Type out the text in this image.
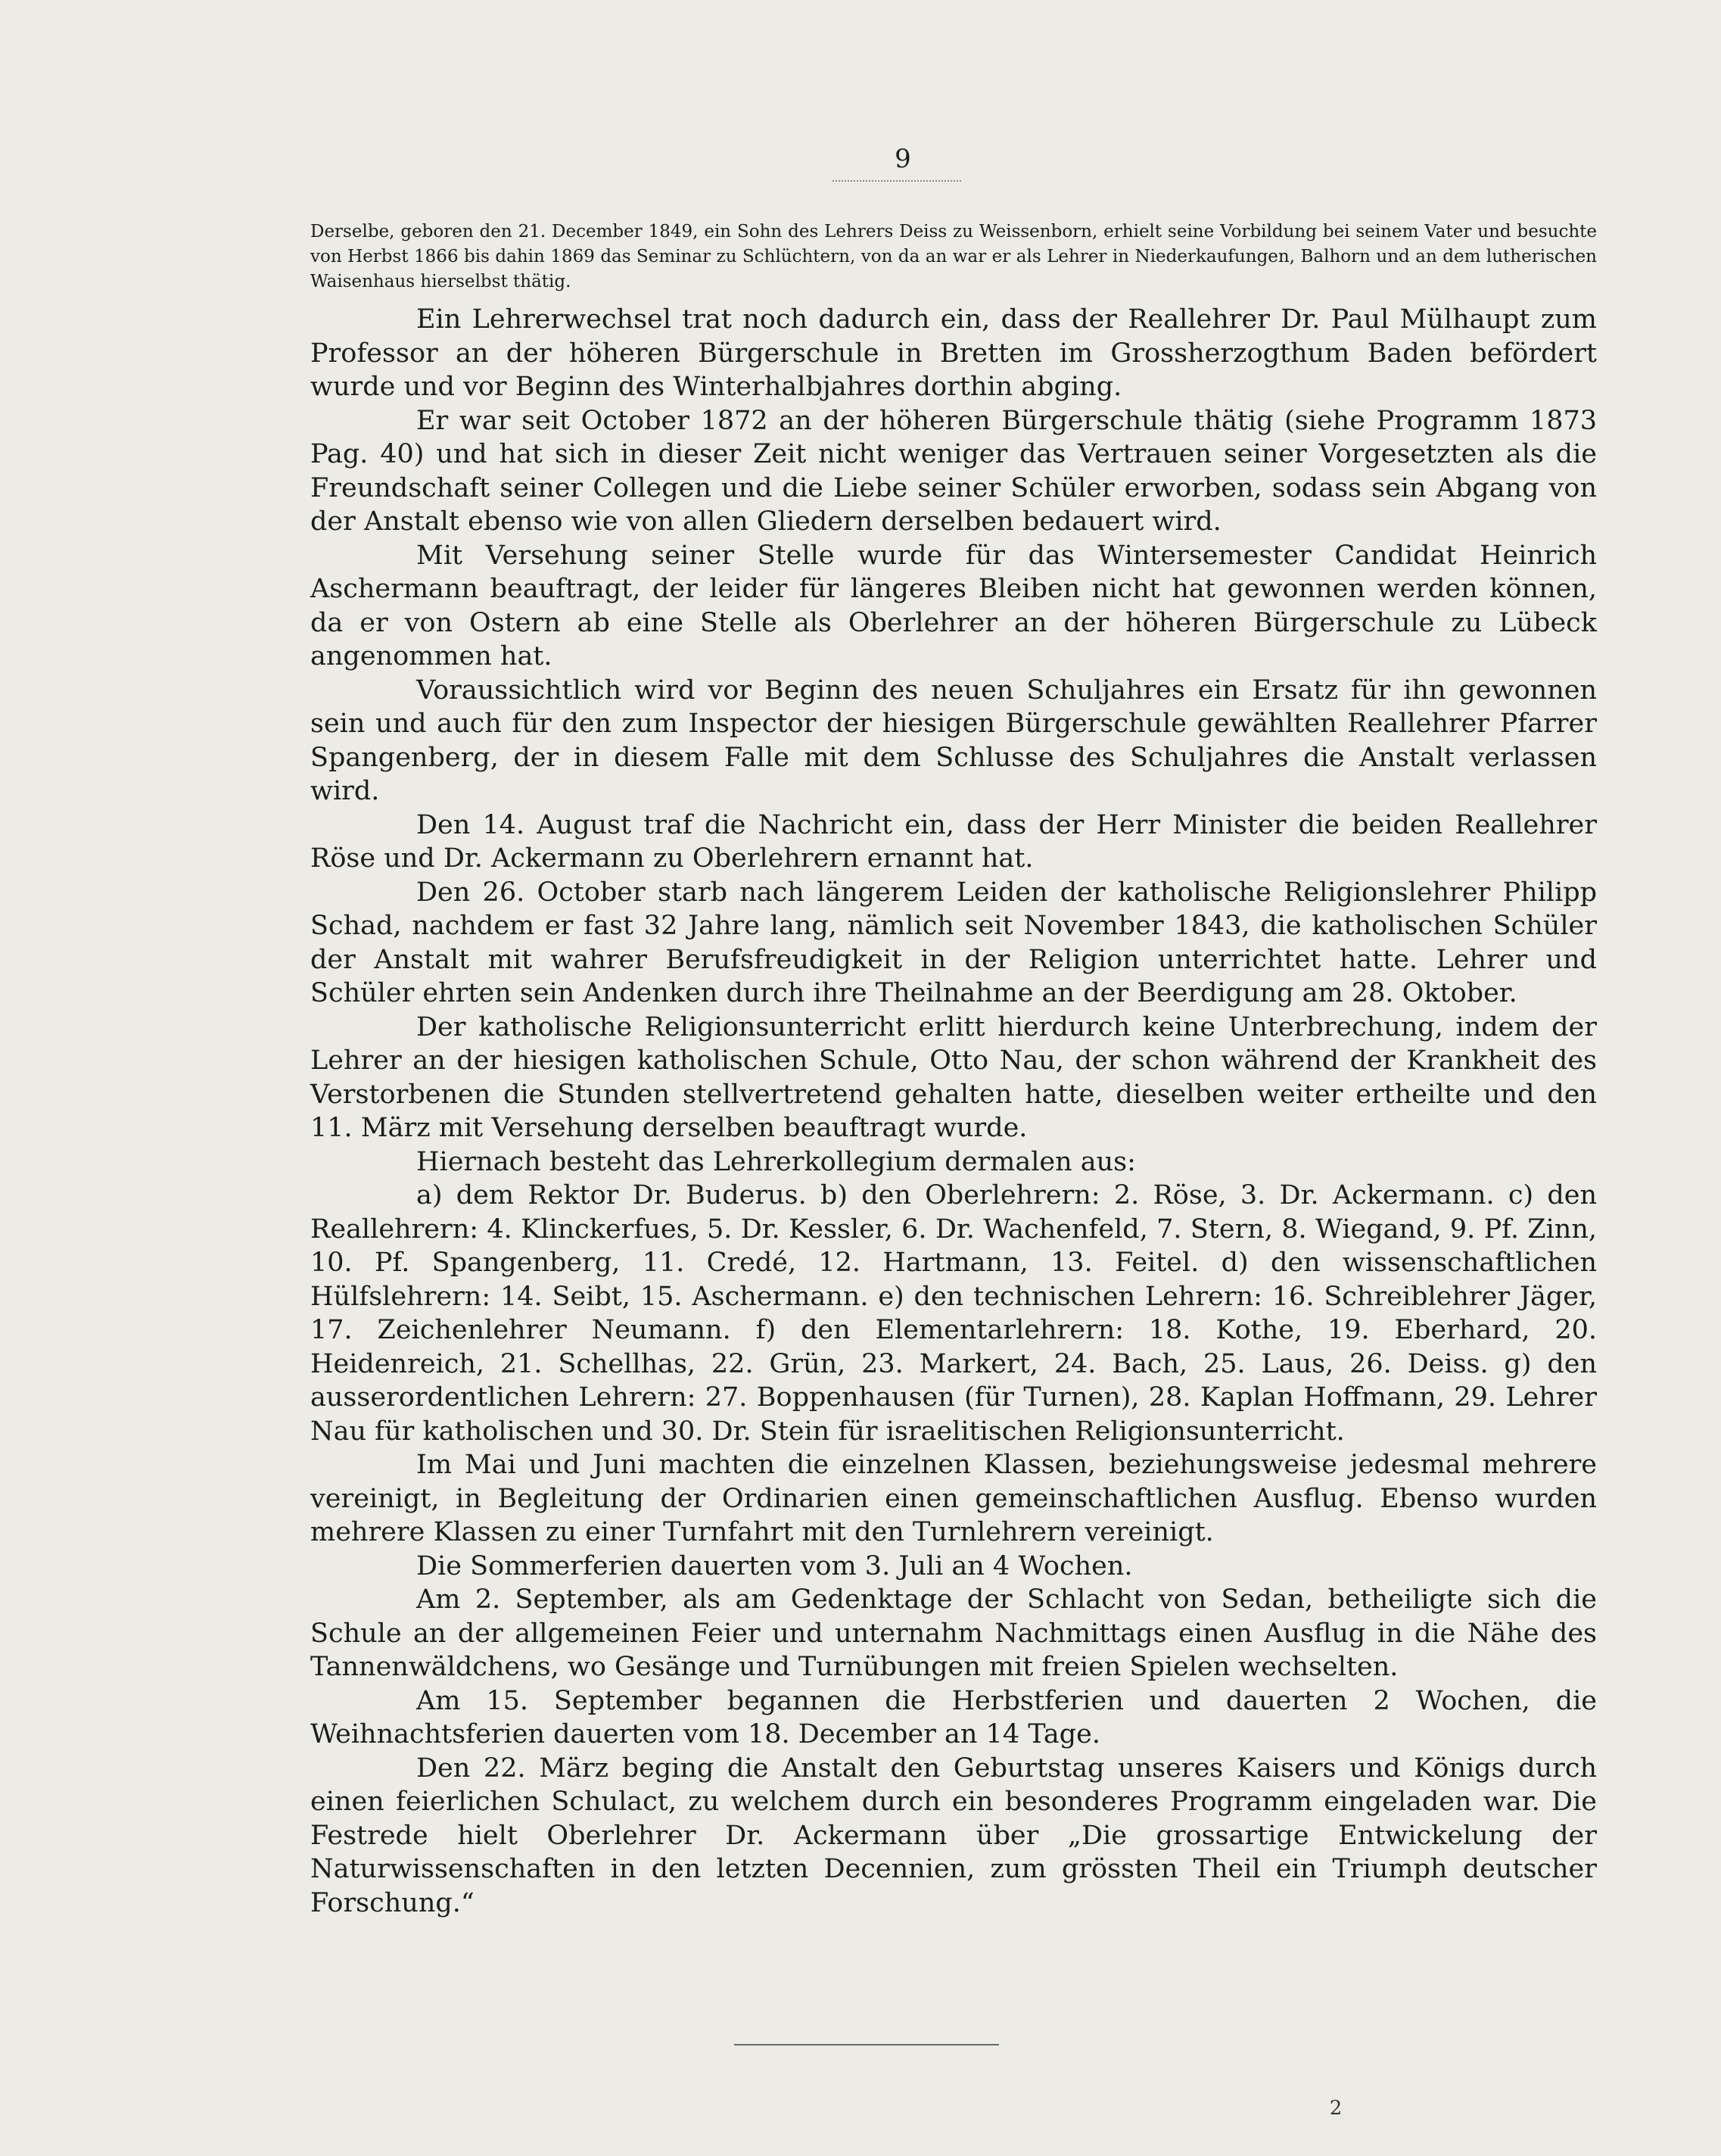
9

Derselbe, geboren den 21. December 1849, ein Sohn des Lehrers Deiss zu Weissenborn, erhielt seine Vorbildung bei seinem Vater und besuchte von Herbst 1866 bis dahin 1869 das Seminar zu Schlüchtern, von da an war er als Lehrer in Niederkaufungen, Balhorn und an dem lutherischen Waisenhaus hierselbst thätig.

Ein Lehrerwechsel trat noch dadurch ein, dass der Reallehrer Dr. Paul Mülhaupt zum Professor an der höheren Bürgerschule in Bretten im Grossherzogthum Baden befördert wurde und vor Beginn des Winterhalbjahres dorthin abging.

Er war seit October 1872 an der höheren Bürgerschule thätig (siehe Programm 1873 Pag. 40) und hat sich in dieser Zeit nicht weniger das Vertrauen seiner Vorgesetzten als die Freundschaft seiner Collegen und die Liebe seiner Schüler erworben, sodass sein Abgang von der Anstalt ebenso wie von allen Gliedern derselben bedauert wird.

Mit Versehung seiner Stelle wurde für das Wintersemester Candidat Heinrich Aschermann beauftragt, der leider für längeres Bleiben nicht hat gewonnen werden können, da er von Ostern ab eine Stelle als Oberlehrer an der höheren Bürgerschule zu Lübeck angenommen hat.

Voraussichtlich wird vor Beginn des neuen Schuljahres ein Ersatz für ihn gewonnen sein und auch für den zum Inspector der hiesigen Bürgerschule gewählten Reallehrer Pfarrer Spangenberg, der in diesem Falle mit dem Schlusse des Schuljahres die Anstalt verlassen wird.

Den 14. August traf die Nachricht ein, dass der Herr Minister die beiden Reallehrer Röse und Dr. Ackermann zu Oberlehrern ernannt hat.

Den 26. October starb nach längerem Leiden der katholische Religionslehrer Philipp Schad, nachdem er fast 32 Jahre lang, nämlich seit November 1843, die katholischen Schüler der Anstalt mit wahrer Berufsfreudigkeit in der Religion unterrichtet hatte. Lehrer und Schüler ehrten sein Andenken durch ihre Theilnahme an der Beerdigung am 28. Oktober.

Der katholische Religionsunterricht erlitt hierdurch keine Unterbrechung, indem der Lehrer an der hiesigen katholischen Schule, Otto Nau, der schon während der Krankheit des Verstorbenen die Stunden stellvertretend gehalten hatte, dieselben weiter ertheilte und den 11. März mit Versehung derselben beauftragt wurde.

Hiernach besteht das Lehrerkollegium dermalen aus:

a) dem Rektor Dr. Buderus. b) den Oberlehrern: 2. Röse, 3. Dr. Ackermann. c) den Reallehrern: 4. Klinckerfues, 5. Dr. Kessler, 6. Dr. Wachenfeld, 7. Stern, 8. Wiegand, 9. Pf. Zinn, 10. Pf. Spangenberg, 11. Credé, 12. Hartmann, 13. Feitel. d) den wissenschaftlichen Hülfslehrern: 14. Seibt, 15. Aschermann. e) den technischen Lehrern: 16. Schreiblehrer Jäger, 17. Zeichenlehrer Neumann. f) den Elementarlehrern: 18. Kothe, 19. Eberhard, 20. Heidenreich, 21. Schellhas, 22. Grün, 23. Markert, 24. Bach, 25. Laus, 26. Deiss. g) den ausserordentlichen Lehrern: 27. Boppenhausen (für Turnen), 28. Kaplan Hoffmann, 29. Lehrer Nau für katholischen und 30. Dr. Stein für israelitischen Religionsunterricht.

Im Mai und Juni machten die einzelnen Klassen, beziehungsweise jedesmal mehrere vereinigt, in Begleitung der Ordinarien einen gemeinschaftlichen Ausflug. Ebenso wurden mehrere Klassen zu einer Turnfahrt mit den Turnlehrern vereinigt.

Die Sommerferien dauerten vom 3. Juli an 4 Wochen.

Am 2. September, als am Gedenktage der Schlacht von Sedan, betheiligte sich die Schule an der allgemeinen Feier und unternahm Nachmittags einen Ausflug in die Nähe des Tannenwäldchens, wo Gesänge und Turnübungen mit freien Spielen wechselten.

Am 15. September begannen die Herbstferien und dauerten 2 Wochen, die Weihnachtsferien dauerten vom 18. December an 14 Tage.

Den 22. März beging die Anstalt den Geburtstag unseres Kaisers und Königs durch einen feierlichen Schulact, zu welchem durch ein besonderes Programm eingeladen war. Die Festrede hielt Oberlehrer Dr. Ackermann über „Die grossartige Entwickelung der Naturwissenschaften in den letzten Decennien, zum grössten Theil ein Triumph deutscher Forschung.“

2
